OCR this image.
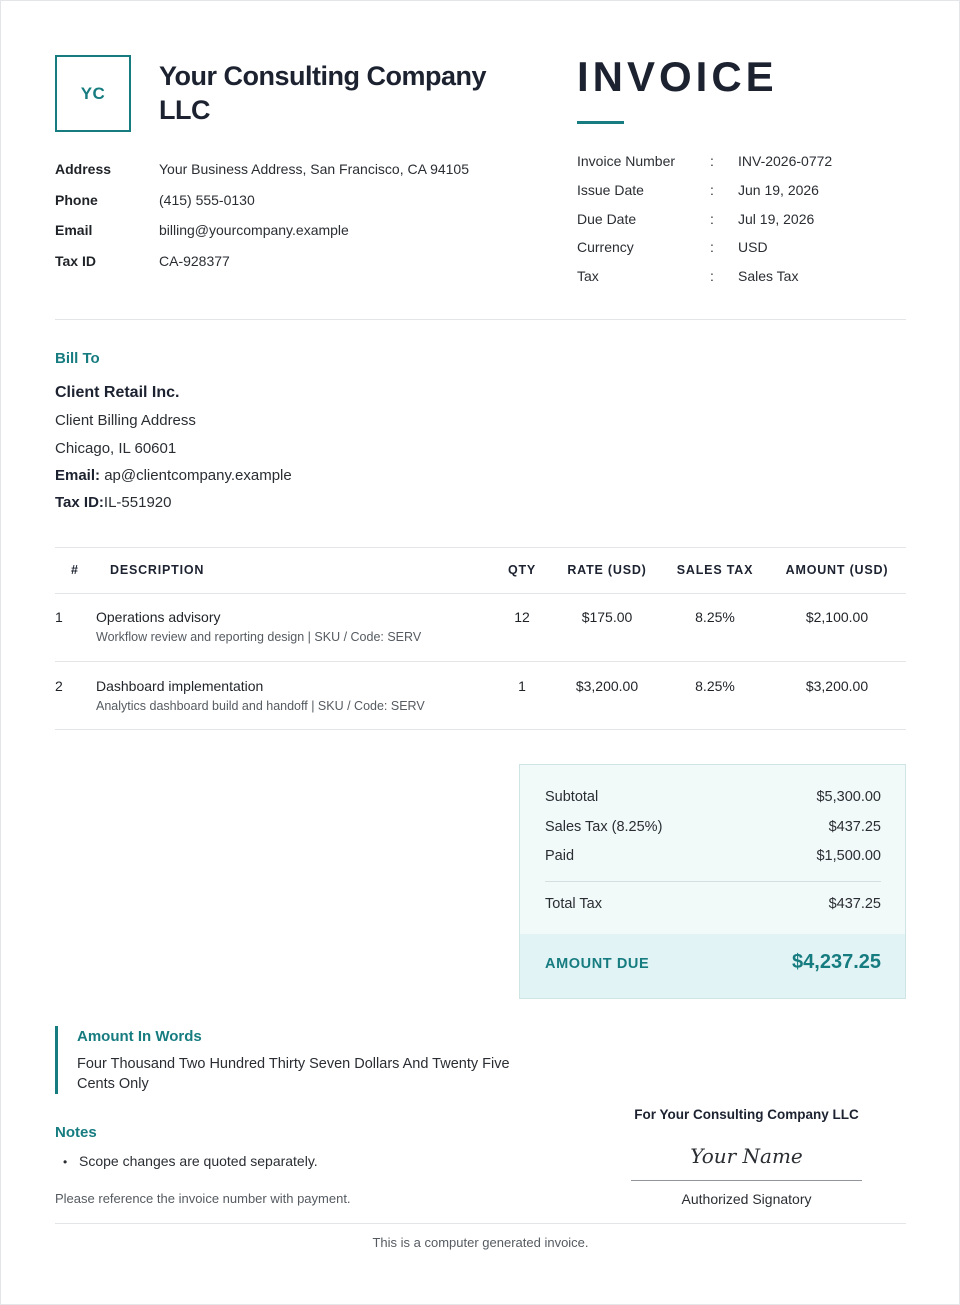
YC
Your Consulting Company LLC
Address	Your Business Address, San Francisco, CA 94105
Phone	(415) 555-0130
Email	billing@yourcompany.example
Tax ID	CA-928377
INVOICE
Invoice Number : INV-2026-0772
Issue Date	: Jun 19, 2026
Due Date	: Jul 19, 2026
Currency	: USD
Tax	: Sales Tax
Bill To
Client Retail Inc.
Client Billing Address
Chicago, IL 60601
Email: ap@clientcompany.example
Tax ID:IL-551920
# DESCRIPTION	QTY	RATE (USD)	SALES TAX	AMOUNT (USD)
1 Operations advisory
Workflow review and reporting design | SKU / Code: SERV
12	$175.00	8.25%	$2,100.00
2 Dashboard implementation
Analytics dashboard build and handoff | SKU / Code: SERV
1	$3,200.00	8.25%	$3,200.00
Subtotal	$5,300.00
Sales Tax (8.25%)	$437.25
Paid	$1,500.00
Total Tax	$437.25
AMOUNT DUE	$4,237.25
Amount In Words
Four Thousand Two Hundred Thirty Seven Dollars And Twenty Five Cents Only
Notes
• Scope changes are quoted separately.
Please reference the invoice number with payment.
For Your Consulting Company LLC
Your Name
Authorized Signatory
This is a computer generated invoice.
